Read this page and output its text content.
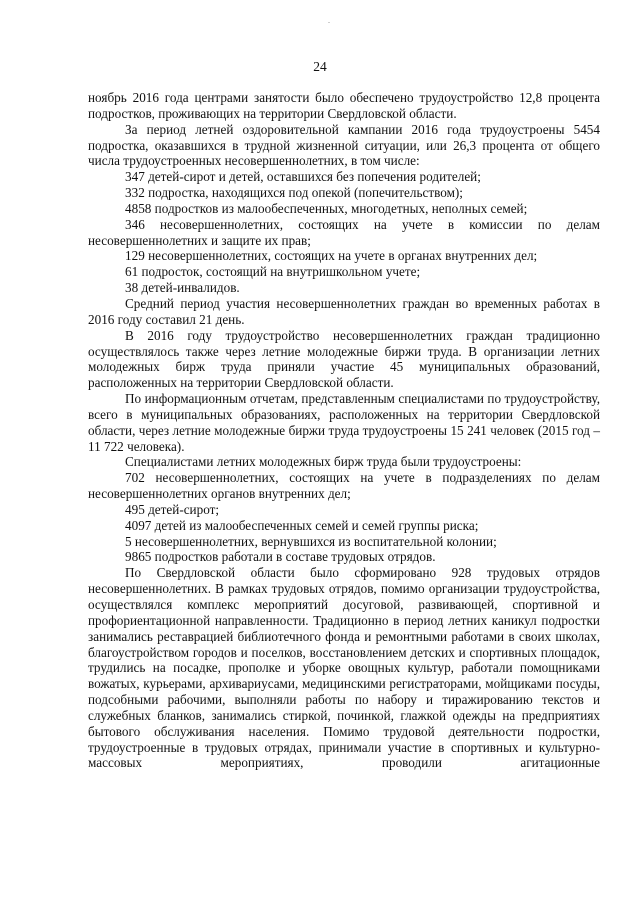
24

ноябрь 2016 года центрами занятости было обеспечено трудоустройство 12,8 процента подростков, проживающих на территории Свердловской области.

За период летней оздоровительной кампании 2016 года трудоустроены 5454 подростка, оказавшихся в трудной жизненной ситуации, или 26,3 процента от общего числа трудоустроенных несовершеннолетних, в том числе:

347 детей-сирот и детей, оставшихся без попечения родителей;

332 подростка, находящихся под опекой (попечительством);

4858 подростков из малообеспеченных, многодетных, неполных семей;

346 несовершеннолетних, состоящих на учете в комиссии по делам несовершеннолетних и защите их прав;

129 несовершеннолетних, состоящих на учете в органах внутренних дел;

61 подросток, состоящий на внутришкольном учете;

38 детей-инвалидов.

Средний период участия несовершеннолетних граждан во временных работах в 2016 году составил 21 день.

В 2016 году трудоустройство несовершеннолетних граждан традиционно осуществлялось также через летние молодежные биржи труда. В организации летних молодежных бирж труда приняли участие 45 муниципальных образований, расположенных на территории Свердловской области.

По информационным отчетам, представленным специалистами по трудоустройству, всего в муниципальных образованиях, расположенных на территории Свердловской области, через летние молодежные биржи труда трудоустроены 15 241 человек (2015 год – 11 722 человека).

Специалистами летних молодежных бирж труда были трудоустроены:

702 несовершеннолетних, состоящих на учете в подразделениях по делам несовершеннолетних органов внутренних дел;

495 детей-сирот;

4097 детей из малообеспеченных семей и семей группы риска;

5 несовершеннолетних, вернувшихся из воспитательной колонии;

9865 подростков работали в составе трудовых отрядов.

По Свердловской области было сформировано 928 трудовых отрядов несовершеннолетних. В рамках трудовых отрядов, помимо организации трудоустройства, осуществлялся комплекс мероприятий досуговой, развивающей, спортивной и профориентационной направленности. Традиционно в период летних каникул подростки занимались реставрацией библиотечного фонда и ремонтными работами в своих школах, благоустройством городов и поселков, восстановлением детских и спортивных площадок, трудились на посадке, прополке и уборке овощных культур, работали помощниками вожатых, курьерами, архивариусами, медицинскими регистраторами, мойщиками посуды, подсобными рабочими, выполняли работы по набору и тиражированию текстов и служебных бланков, занимались стиркой, починкой, глажкой одежды на предприятиях бытового обслуживания населения. Помимо трудовой деятельности подростки, трудоустроенные в трудовых отрядах, принимали участие в спортивных и культурно-массовых мероприятиях, проводили агитационные
